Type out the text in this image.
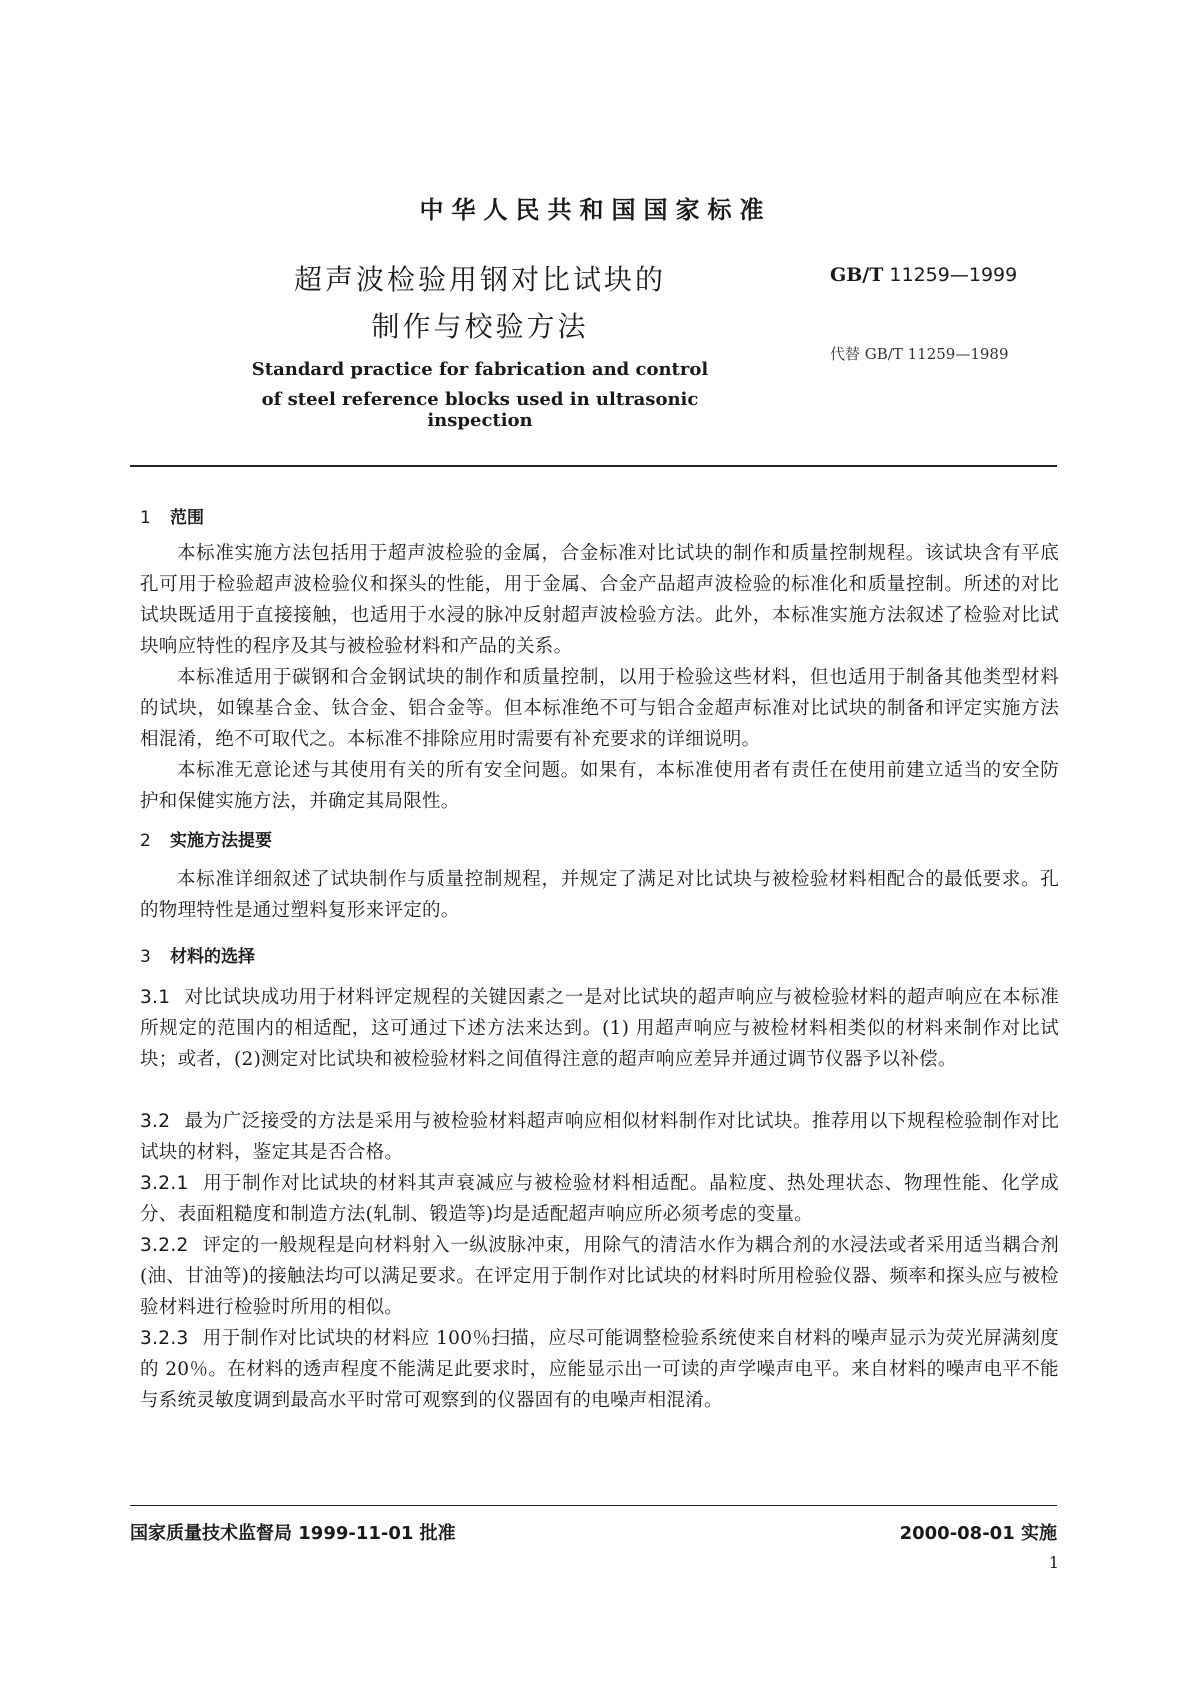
中华人民共和国国家标准
超声波检验用钢对比试块的
制作与校验方法
GB/T 11259—1999
代替 GB/T 11259—1989
Standard practice for fabrication and control
of steel reference blocks used in ultrasonic inspection
1 范围
本标准实施方法包括用于超声波检验的金属，合金标准对比试块的制作和质量控制规程。该试块含有平底孔可用于检验超声波检验仪和探头的性能，用于金属、合金产品超声波检验的标准化和质量控制。所述的对比试块既适用于直接接触，也适用于水浸的脉冲反射超声波检验方法。此外，本标准实施方法叙述了检验对比试块响应特性的程序及其与被检验材料和产品的关系。
本标准适用于碳钢和合金钢试块的制作和质量控制，以用于检验这些材料，但也适用于制备其他类型材料的试块，如镍基合金、钛合金、铝合金等。但本标准绝不可与铝合金超声标准对比试块的制备和评定实施方法相混淆，绝不可取代之。本标准不排除应用时需要有补充要求的详细说明。
本标准无意论述与其使用有关的所有安全问题。如果有，本标准使用者有责任在使用前建立适当的安全防护和保健实施方法，并确定其局限性。
2 实施方法提要
本标准详细叙述了试块制作与质量控制规程，并规定了满足对比试块与被检验材料相配合的最低要求。孔的物理特性是通过塑料复形来评定的。
3 材料的选择
3.1 对比试块成功用于材料评定规程的关键因素之一是对比试块的超声响应与被检验材料的超声响应在本标准所规定的范围内的相适配，这可通过下述方法来达到。(1) 用超声响应与被检材料相类似的材料来制作对比试块；或者，(2)测定对比试块和被检验材料之间值得注意的超声响应差异并通过调节仪器予以补偿。
3.2 最为广泛接受的方法是采用与被检验材料超声响应相似材料制作对比试块。推荐用以下规程检验制作对比试块的材料，鉴定其是否合格。
3.2.1 用于制作对比试块的材料其声衰减应与被检验材料相适配。晶粒度、热处理状态、物理性能、化学成分、表面粗糙度和制造方法(轧制、锻造等)均是适配超声响应所必须考虑的变量。
3.2.2 评定的一般规程是向材料射入一纵波脉冲束，用除气的清洁水作为耦合剂的水浸法或者采用适当耦合剂(油、甘油等)的接触法均可以满足要求。在评定用于制作对比试块的材料时所用检验仪器、频率和探头应与被检验材料进行检验时所用的相似。
3.2.3 用于制作对比试块的材料应 100％扫描，应尽可能调整检验系统使来自材料的噪声显示为荧光屏满刻度的 20％。在材料的透声程度不能满足此要求时，应能显示出一可读的声学噪声电平。来自材料的噪声电平不能与系统灵敏度调到最高水平时常可观察到的仪器固有的电噪声相混淆。
国家质量技术监督局 1999-11-01 批准	2000-08-01 实施
1
